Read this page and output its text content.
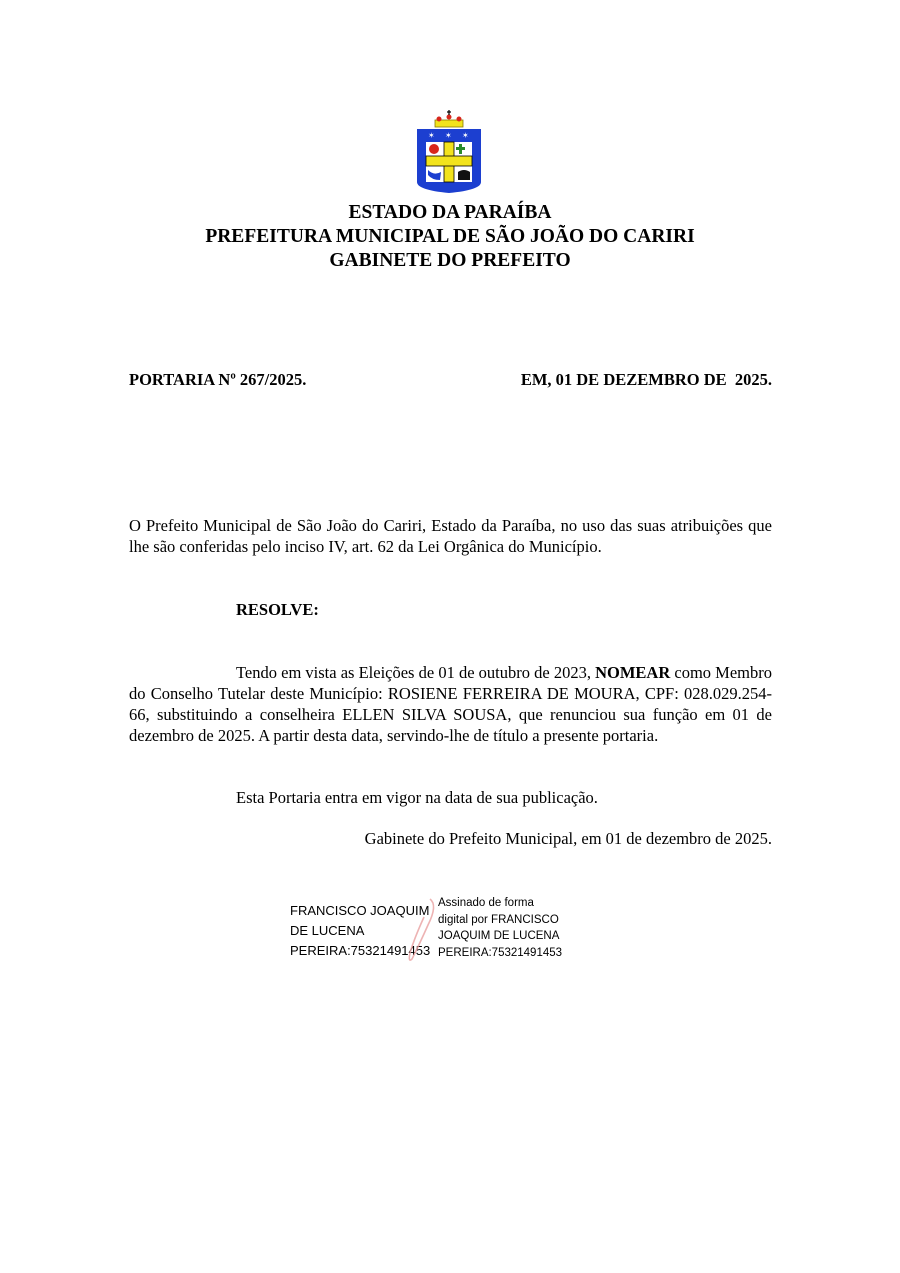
✶ ✶ ✶
ESTADO DA PARAÍBA
PREFEITURA MUNICIPAL DE SÃO JOÃO DO CARIRI
GABINETE DO PREFEITO
PORTARIA Nº 267/2025.	EM, 01 DE DEZEMBRO DE  2025.
O Prefeito Municipal de São João do Cariri, Estado da Paraíba, no uso das suas atribuições que lhe são conferidas pelo inciso IV, art. 62 da Lei Orgânica do Município.
RESOLVE:
Tendo em vista as Eleições de 01 de outubro de 2023, NOMEAR como Membro do Conselho Tutelar deste Município: ROSIENE FERREIRA DE MOURA, CPF: 028.029.254-66, substituindo a conselheira ELLEN SILVA SOUSA, que renunciou sua função em 01 de dezembro de 2025. A partir desta data, servindo-lhe de título a presente portaria.
Esta Portaria entra em vigor na data de sua publicação.
Gabinete do Prefeito Municipal, em 01 de dezembro de 2025.
FRANCISCO JOAQUIM
DE LUCENA
PEREIRA:75321491453
Assinado de forma
digital por FRANCISCO
JOAQUIM DE LUCENA
PEREIRA:75321491453
